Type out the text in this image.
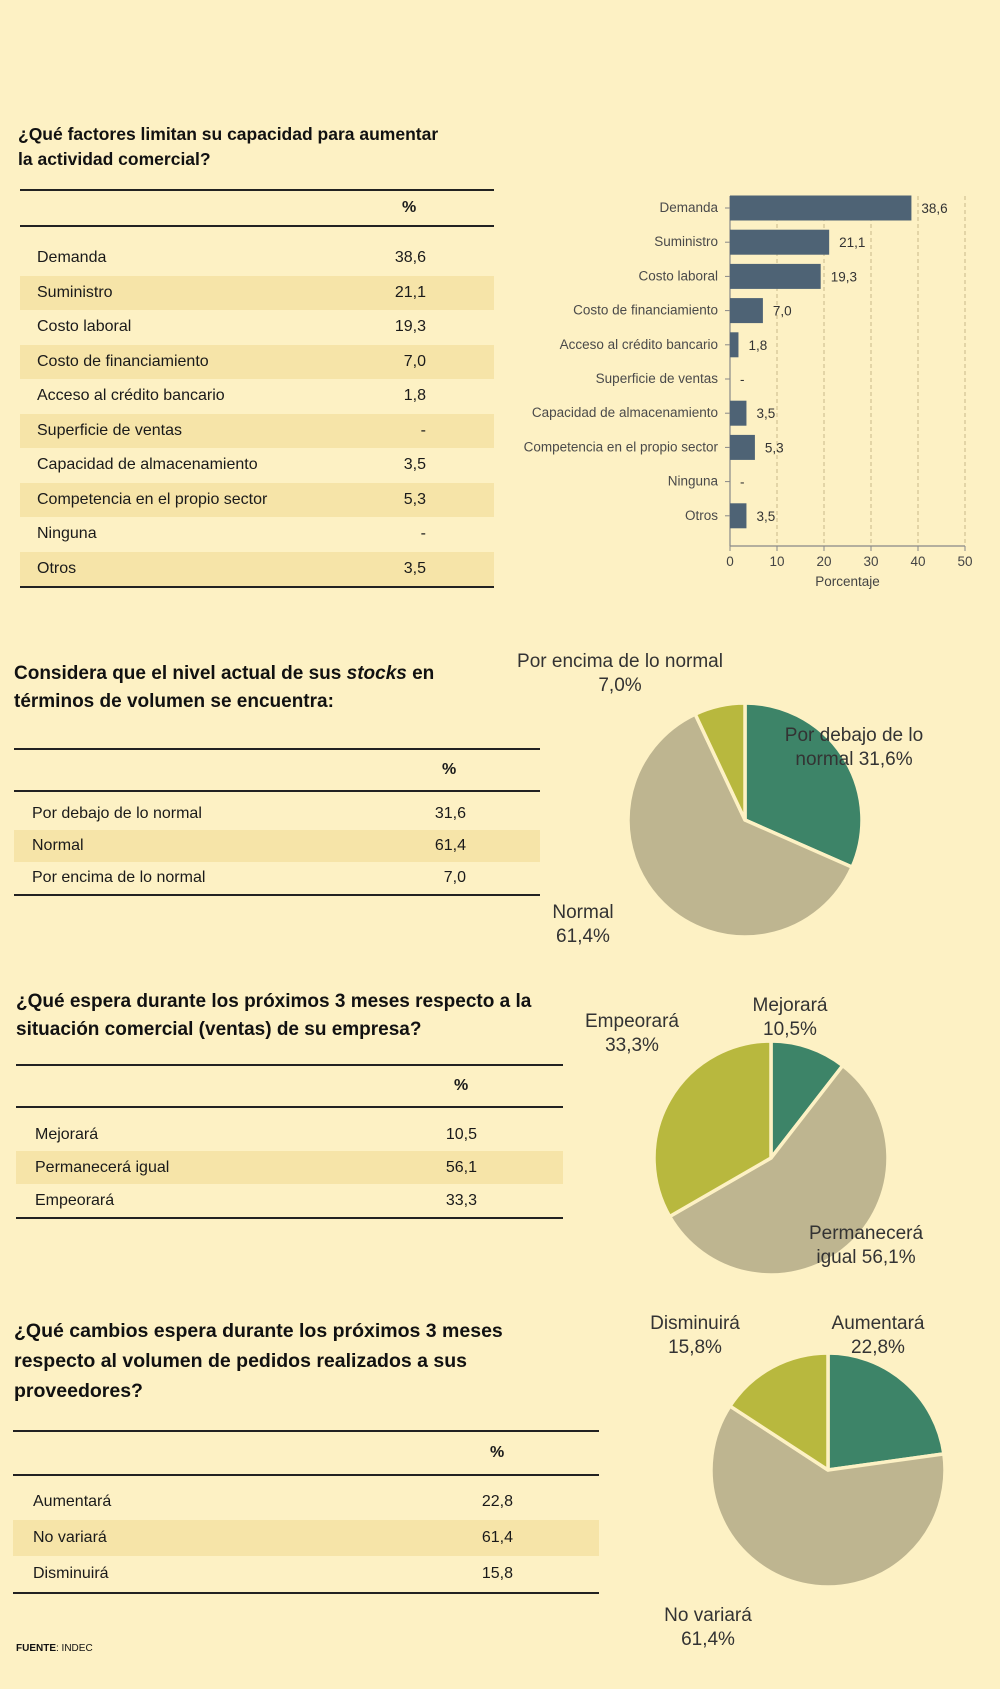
¿Qué factores limitan su capacidad para aumentar
la actividad comercial?
%
Demanda	38,6
Suministro	21,1
Costo laboral	19,3
Costo de financiamiento	7,0
Acceso al crédito bancario	1,8
Superficie de ventas	-
Capacidad de almacenamiento	3,5
Competencia en el propio sector	5,3
Ninguna	-
Otros	3,5
Demanda	38,6
Suministro	21,1
Costo laboral	19,3
Costo de financiamiento	7,0
Acceso al crédito bancario 1,8
Superficie de ventas -
Capacidad de almacenamiento	3,5
Competencia en el propio sector	5,3
Ninguna -
Otros	3,5
0	10 20 30 40 50
Porcentaje
Considera que el nivel actual de sus stocks en
términos de volumen se encuentra:
%
Por debajo de lo normal	31,6
Normal	61,4
Por encima de lo normal	7,0
Por encima de lo normal
7,0%
Por debajo de lo
normal 31,6%
Normal
61,4%
¿Qué espera durante los próximos 3 meses respecto a la
situación comercial (ventas) de su empresa?
%
Mejorará	10,5
Permanecerá igual	56,1
Empeorará	33,3
Mejorará
10,5%
Empeorará
33,3%
Permanecerá
igual 56,1%
¿Qué cambios espera durante los próximos 3 meses
respecto al volumen de pedidos realizados a sus
proveedores?
%
Aumentará	22,8
No variará	61,4
Disminuirá	15,8
Disminuirá
15,8%
Aumentará
22,8%
No variará
61,4%
FUENTE: INDEC
